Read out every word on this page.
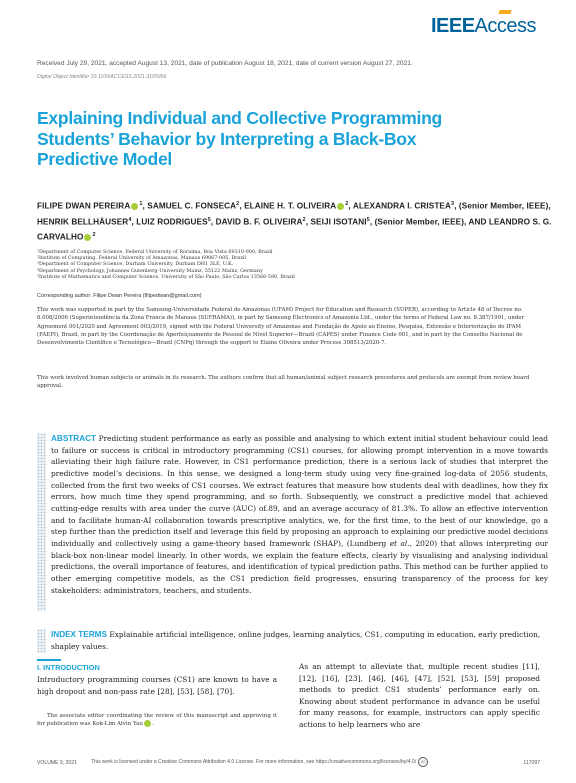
IEEEAccess
Received July 29, 2021, accepted August 13, 2021, date of publication August 18, 2021, date of current version August 27, 2021.
Digital Object Identifier 10.1109/ACCESS.2021.3105956
Explaining Individual and Collective Programming Students’ Behavior by Interpreting a Black-Box Predictive Model
FILIPE DWAN PEREIRA $^1$, SAMUEL C. FONSECA$^2$, ELAINE H. T. OLIVEIRA $^2$, ALEXANDRA I. CRISTEA$^3$, (Senior Member, IEEE), HENRIK BELLHÄUSER$^4$, LUIZ RODRIGUES$^5$, DAVID B. F. OLIVEIRA$^2$, SEIJI ISOTANI$^5$, (Senior Member, IEEE), AND LEANDRO S. G. CARVALHO $^2$
¹Department of Computer Science, Federal University of Roraima, Boa Vista 69310-000, Brazil
²Institute of Computing, Federal University of Amazonas, Manaus 69067-005, Brazil
³Department of Computer Science, Durham University, Durham DH1 3LE, U.K.
⁴Department of Psychology, Johannes Gutenberg-University Mainz, 55122 Mainz, Germany
⁵Institute of Mathematics and Computer Science, University of São Paulo, São Carlos 13566-590, Brazil
Corresponding author: Filipe Dwan Pereira (filipedwan@gmail.com)
This work was supported in part by the Samsung-Universidade Federal do Amazonas (UFAM) Project for Education and Research (SUPER), according to Article 48 of Decree no. 6.008/2006 (Superintendência da Zona Franca de Manaus (SUFRAMA)), in part by Samsung Electronics of Amazonia Ltd., under the terms of Federal Law no. 8.387/1991, under Agreement 001/2020 and Agreement 003/2019, signed with the Federal University of Amazonas and Fundação de Apoio ao Ensino, Pesquisa, Extensão e Interiorização do IFAM (FAEPI), Brazil, in part by the Coordenação de Aperfeiçoamento de Pessoal de Nível Superior—Brazil (CAPES) under Finance Code 001, and in part by the Conselho Nacional de Desenvolvimento Científico e Tecnológico—Brazil (CNPq) through the support to Elaine Oliveira under Process 308513/2020-7.
This work involved human subjects or animals in its research. The authors confirm that all human/animal subject research procedures and protocols are exempt from review board approval.
ABSTRACT Predicting student performance as early as possible and analysing to which extent initial student behaviour could lead to failure or success is critical in introductory programming (CS1) courses, for allowing prompt intervention in a move towards alleviating their high failure rate. However, in CS1 performance prediction, there is a serious lack of studies that interpret the predictive model’s decisions. In this sense, we designed a long-term study using very fine-grained log-data of 2056 students, collected from the first two weeks of CS1 courses. We extract features that measure how students deal with deadlines, how they fix errors, how much time they spend programming, and so forth. Subsequently, we construct a predictive model that achieved cutting-edge results with area under the curve (AUC) of.89, and an average accuracy of 81.3%. To allow an effective intervention and to facilitate human-AI collaboration towards prescriptive analytics, we, for the first time, to the best of our knowledge, go a step further than the prediction itself and leverage this field by proposing an approach to explaining our predictive model decisions individually and collectively using a game-theory based framework (SHAP), (Lundberg et al., 2020) that allows interpreting our black-box non-linear model linearly. In other words, we explain the feature effects, clearly by visualising and analysing individual predictions, the overall importance of features, and identification of typical prediction paths. This method can be further applied to other emerging competitive models, as the CS1 prediction field progresses, ensuring transparency of the process for key stakeholders: administrators, teachers, and students.
INDEX TERMS Explainable artificial intelligence, online judges, learning analytics, CS1, computing in education, early prediction, shapley values.
I. INTRODUCTION
Introductory programming courses (CS1) are known to have a high dropout and non-pass rate [28], [53], [58], [70].
The associate editor coordinating the review of this manuscript and approving it for publication was Kok-Lim Alvin Yau .
As an attempt to alleviate that, multiple recent studies [11], [12], [16], [23], [46], [46], [47], [52], [53], [59] proposed methods to predict CS1 students’ performance early on. Knowing about student performance in advance can be useful for many reasons, for example, instructors can apply specific actions to help learners who are
VOLUME 9, 2021	This work is licensed under a Creative Commons Attribution 4.0 License. For more information, see https://creativecommons.org/licenses/by/4.0/ cc	117097
